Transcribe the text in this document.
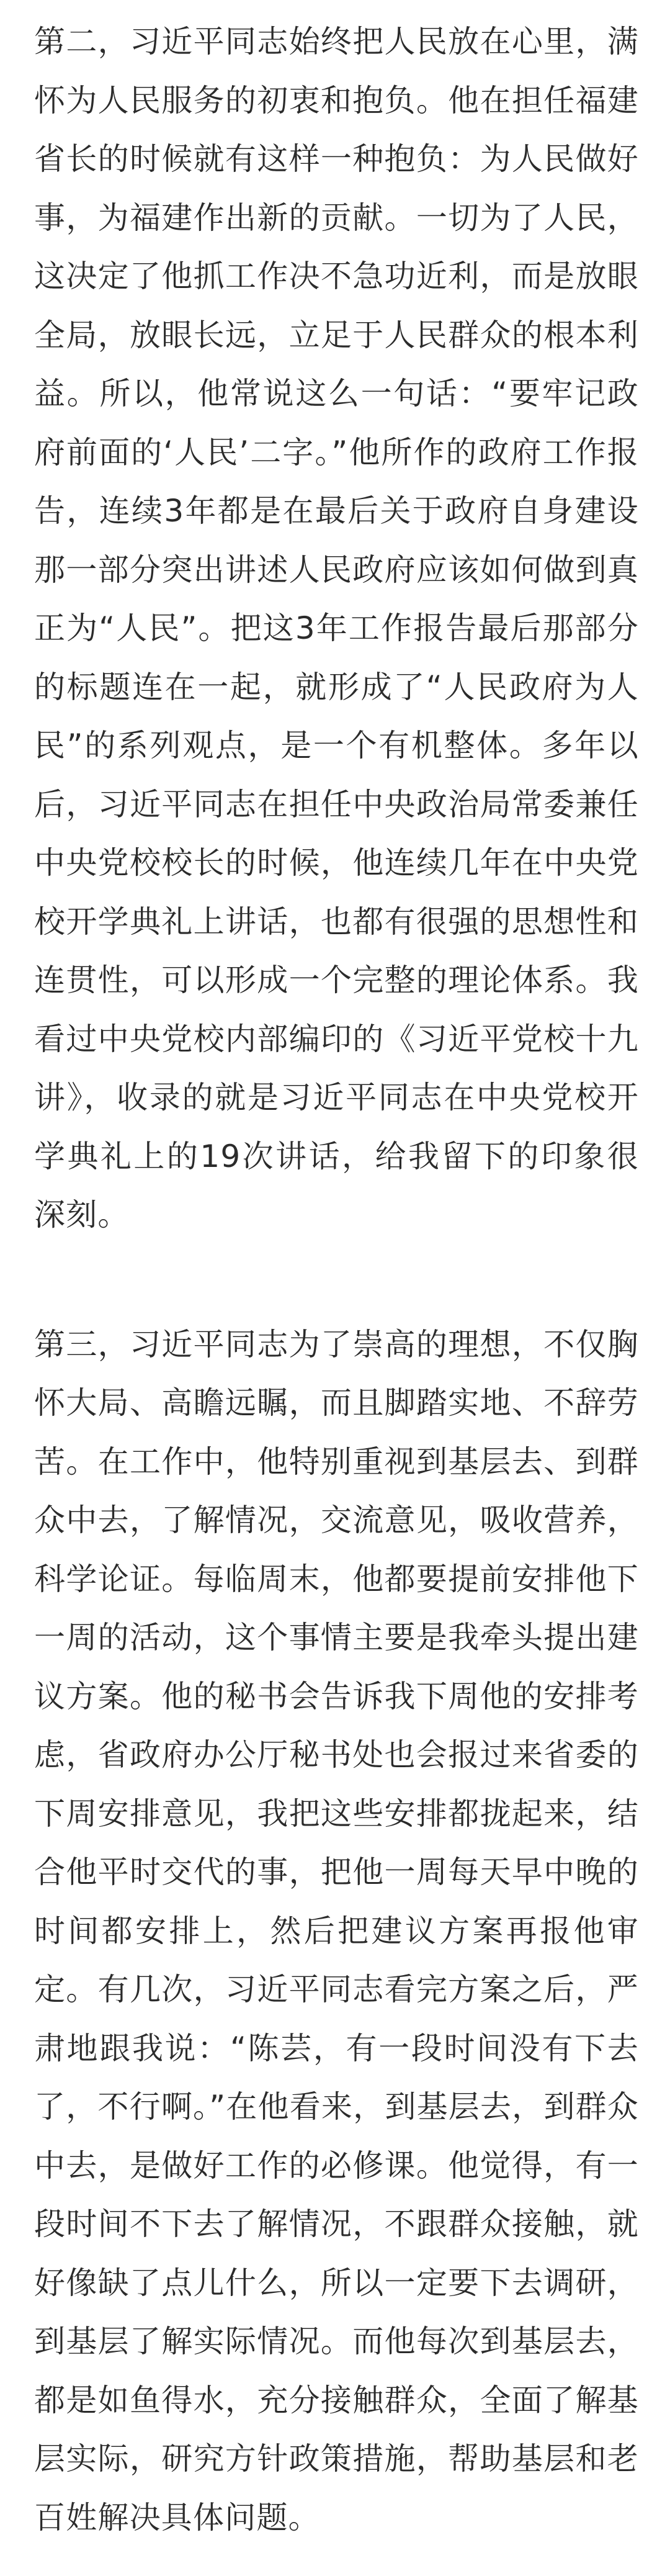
第二，习近平同志始终把人民放在心里，满怀为人民服务的初衷和抱负。他在担任福建省长的时候就有这样一种抱负：为人民做好事，为福建作出新的贡献。一切为了人民，这决定了他抓工作决不急功近利，而是放眼全局，放眼长远，立足于人民群众的根本利益。所以，他常说这么一句话：“要牢记政府前面的‘人民’二字。”他所作的政府工作报告，连续3年都是在最后关于政府自身建设那一部分突出讲述人民政府应该如何做到真正为“人民”。把这3年工作报告最后那部分的标题连在一起，就形成了“人民政府为人民”的系列观点，是一个有机整体。多年以后，习近平同志在担任中央政治局常委兼任中央党校校长的时候，他连续几年在中央党校开学典礼上讲话，也都有很强的思想性和连贯性，可以形成一个完整的理论体系。我看过中央党校内部编印的《习近平党校十九讲》，收录的就是习近平同志在中央党校开学典礼上的19次讲话，给我留下的印象很深刻。

第三，习近平同志为了崇高的理想，不仅胸怀大局、高瞻远瞩，而且脚踏实地、不辞劳苦。在工作中，他特别重视到基层去、到群众中去，了解情况，交流意见，吸收营养，科学论证。每临周末，他都要提前安排他下一周的活动，这个事情主要是我牵头提出建议方案。他的秘书会告诉我下周他的安排考虑，省政府办公厅秘书处也会报过来省委的下周安排意见，我把这些安排都拢起来，结合他平时交代的事，把他一周每天早中晚的时间都安排上，然后把建议方案再报他审定。有几次，习近平同志看完方案之后，严肃地跟我说：“陈芸，有一段时间没有下去了，不行啊。”在他看来，到基层去，到群众中去，是做好工作的必修课。他觉得，有一段时间不下去了解情况，不跟群众接触，就好像缺了点儿什么，所以一定要下去调研，到基层了解实际情况。而他每次到基层去，都是如鱼得水，充分接触群众，全面了解基层实际，研究方针政策措施，帮助基层和老百姓解决具体问题。
